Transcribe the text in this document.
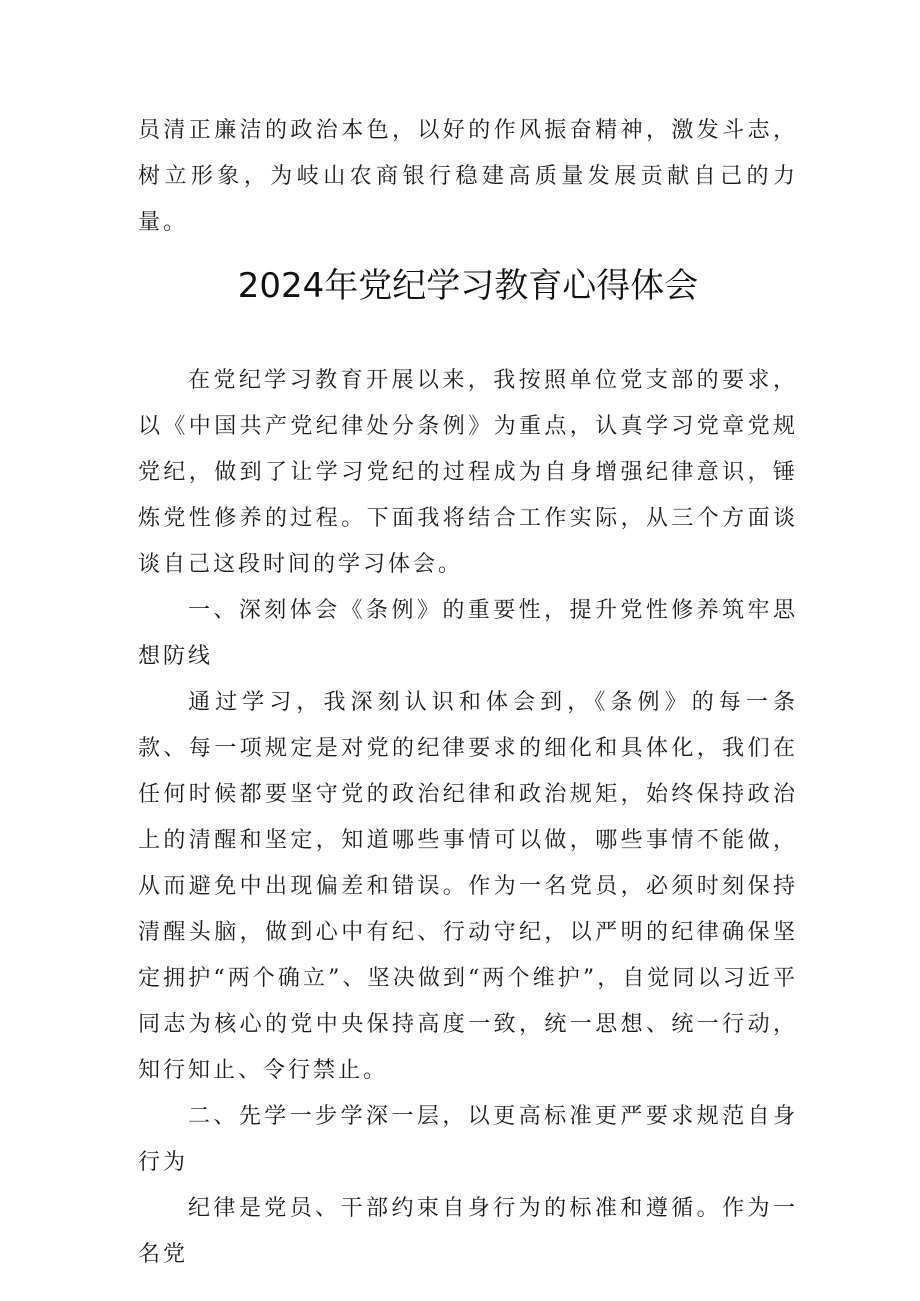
员清正廉洁的政治本色，以好的作风振奋精神，激发斗志，树立形象，为岐山农商银行稳建高质量发展贡献自己的力量。

2024年党纪学习教育心得体会

在党纪学习教育开展以来，我按照单位党支部的要求，以《中国共产党纪律处分条例》为重点，认真学习党章党规党纪，做到了让学习党纪的过程成为自身增强纪律意识，锤炼党性修养的过程。下面我将结合工作实际，从三个方面谈谈自己这段时间的学习体会。

一、深刻体会《条例》的重要性，提升党性修养筑牢思想防线

通过学习，我深刻认识和体会到，《条例》的每一条款、每一项规定是对党的纪律要求的细化和具体化，我们在任何时候都要坚守党的政治纪律和政治规矩，始终保持政治上的清醒和坚定，知道哪些事情可以做，哪些事情不能做，从而避免中出现偏差和错误。作为一名党员，必须时刻保持清醒头脑，做到心中有纪、行动守纪，以严明的纪律确保坚定拥护“两个确立”、坚决做到“两个维护”，自觉同以习近平同志为核心的党中央保持高度一致，统一思想、统一行动，知行知止、令行禁止。

二、先学一步学深一层，以更高标准更严要求规范自身行为

纪律是党员、干部约束自身行为的标准和遵循。作为一名党
